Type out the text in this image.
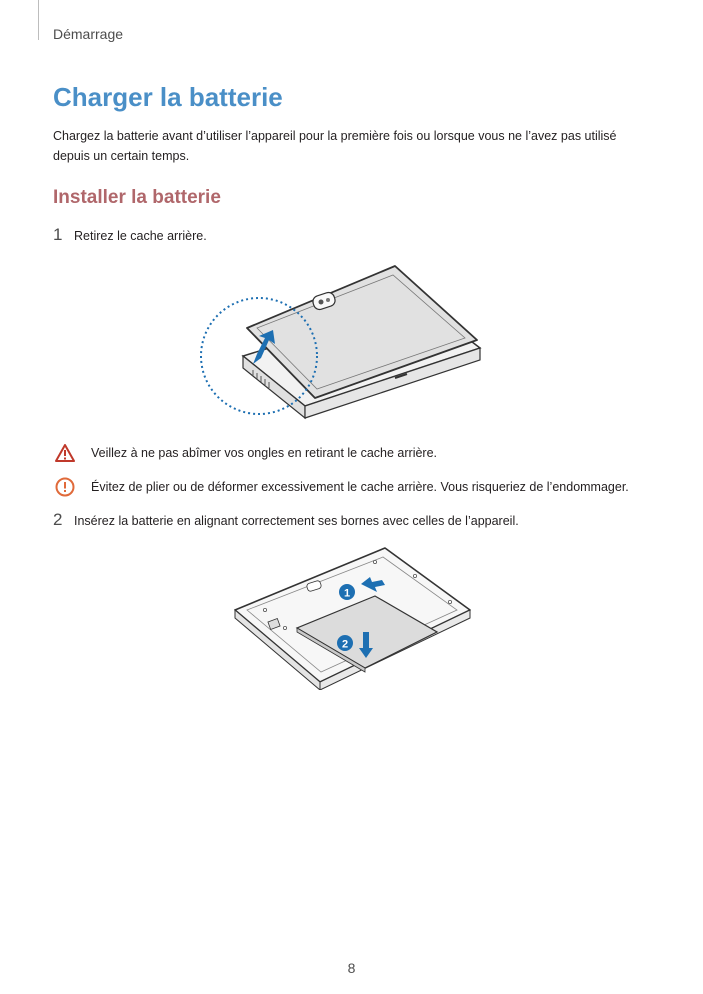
Démarrage
Charger la batterie

Chargez la batterie avant d’utiliser l’appareil pour la première fois ou lorsque vous ne l’avez pas utilisé depuis un certain temps.

Installer la batterie
1 Retirez le cache arrière.
Veillez à ne pas abîmer vos ongles en retirant le cache arrière.
Évitez de plier ou de déformer excessivement le cache arrière. Vous risqueriez de l’endommager.
2 Insérez la batterie en alignant correctement ses bornes avec celles de l’appareil.
1
2
8
